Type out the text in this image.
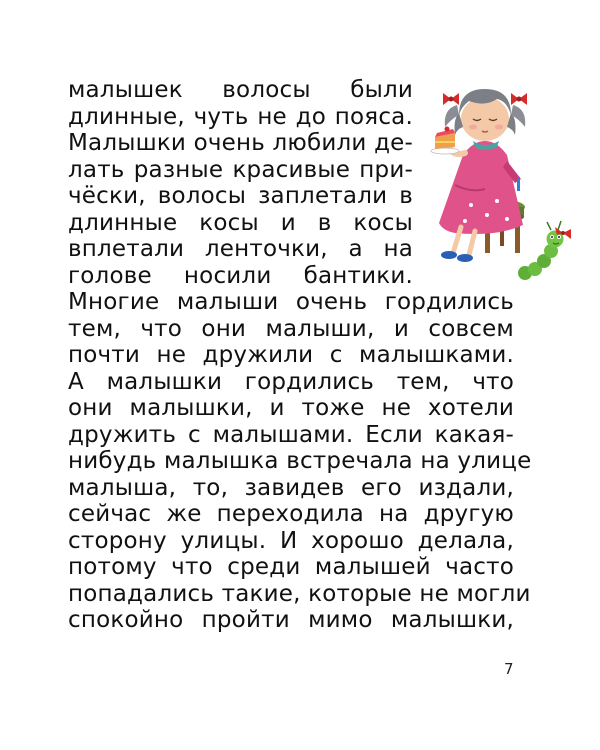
малышек волосы были
длинные, чуть не до пояса.
Малышки очень любили де-
лать разные красивые при-
чёски, волосы заплетали в
длинные косы и в косы
вплетали ленточки, а на
голове носили бантики.
Многие малыши очень гордились
тем, что они малыши, и совсем
почти не дружили с малышками.
А малышки гордились тем, что
они малышки, и тоже не хотели
дружить с малышами. Если какая-
нибудь малышка встречала на улице
малыша, то, завидев его издали,
сейчас же переходила на другую
сторону улицы. И хорошо делала,
потому что среди малышей часто
попадались такие, которые не могли
спокойно пройти мимо малышки,
7
